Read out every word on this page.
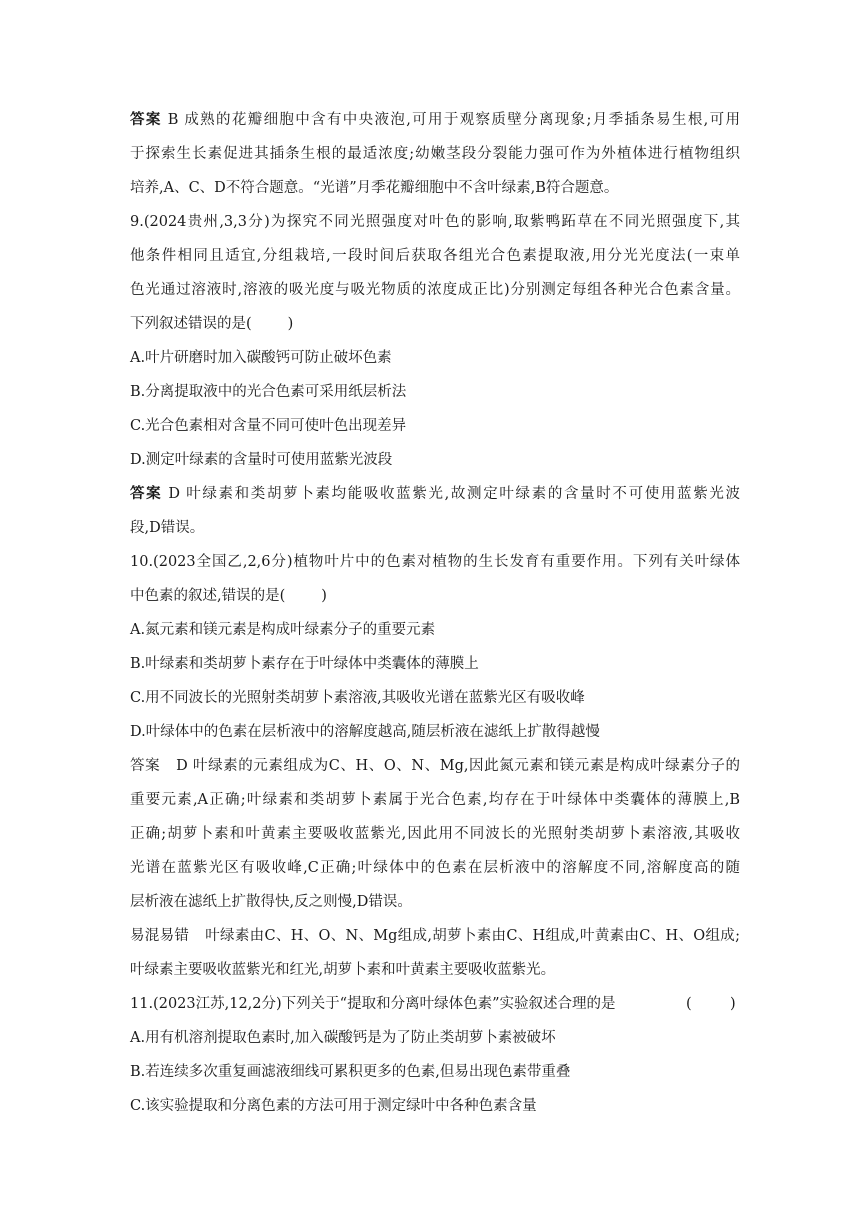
答案 B 成熟的花瓣细胞中含有中央液泡,可用于观察质壁分离现象;月季插条易生根,可用
于探索生长素促进其插条生根的最适浓度;幼嫩茎段分裂能力强可作为外植体进行植物组织
培养,A、C、D不符合题意。“光谱”月季花瓣细胞中不含叶绿素,B符合题意。
9.(2024贵州,3,3分)为探究不同光照强度对叶色的影响,取紫鸭跖草在不同光照强度下,其
他条件相同且适宜,分组栽培,一段时间后获取各组光合色素提取液,用分光光度法(一束单
色光通过溶液时,溶液的吸光度与吸光物质的浓度成正比)分别测定每组各种光合色素含量。
下列叙述错误的是( )
A.叶片研磨时加入碳酸钙可防止破坏色素
B.分离提取液中的光合色素可采用纸层析法
C.光合色素相对含量不同可使叶色出现差异
D.测定叶绿素的含量时可使用蓝紫光波段
答案 D 叶绿素和类胡萝卜素均能吸收蓝紫光,故测定叶绿素的含量时不可使用蓝紫光波
段,D错误。
10.(2023全国乙,2,6分)植物叶片中的色素对植物的生长发育有重要作用。下列有关叶绿体
中色素的叙述,错误的是( )
A.氮元素和镁元素是构成叶绿素分子的重要元素
B.叶绿素和类胡萝卜素存在于叶绿体中类囊体的薄膜上
C.用不同波长的光照射类胡萝卜素溶液,其吸收光谱在蓝紫光区有吸收峰
D.叶绿体中的色素在层析液中的溶解度越高,随层析液在滤纸上扩散得越慢
答案 D 叶绿素的元素组成为C、H、O、N、Mg,因此氮元素和镁元素是构成叶绿素分子的
重要元素,A正确;叶绿素和类胡萝卜素属于光合色素,均存在于叶绿体中类囊体的薄膜上,B
正确;胡萝卜素和叶黄素主要吸收蓝紫光,因此用不同波长的光照射类胡萝卜素溶液,其吸收
光谱在蓝紫光区有吸收峰,C正确;叶绿体中的色素在层析液中的溶解度不同,溶解度高的随
层析液在滤纸上扩散得快,反之则慢,D错误。
易混易错 叶绿素由C、H、O、N、Mg组成,胡萝卜素由C、H组成,叶黄素由C、H、O组成;
叶绿素主要吸收蓝紫光和红光,胡萝卜素和叶黄素主要吸收蓝紫光。
11.(2023江苏,12,2分)下列关于“提取和分离叶绿体色素”实验叙述合理的是	(	)
A.用有机溶剂提取色素时,加入碳酸钙是为了防止类胡萝卜素被破坏
B.若连续多次重复画滤液细线可累积更多的色素,但易出现色素带重叠
C.该实验提取和分离色素的方法可用于测定绿叶中各种色素含量
